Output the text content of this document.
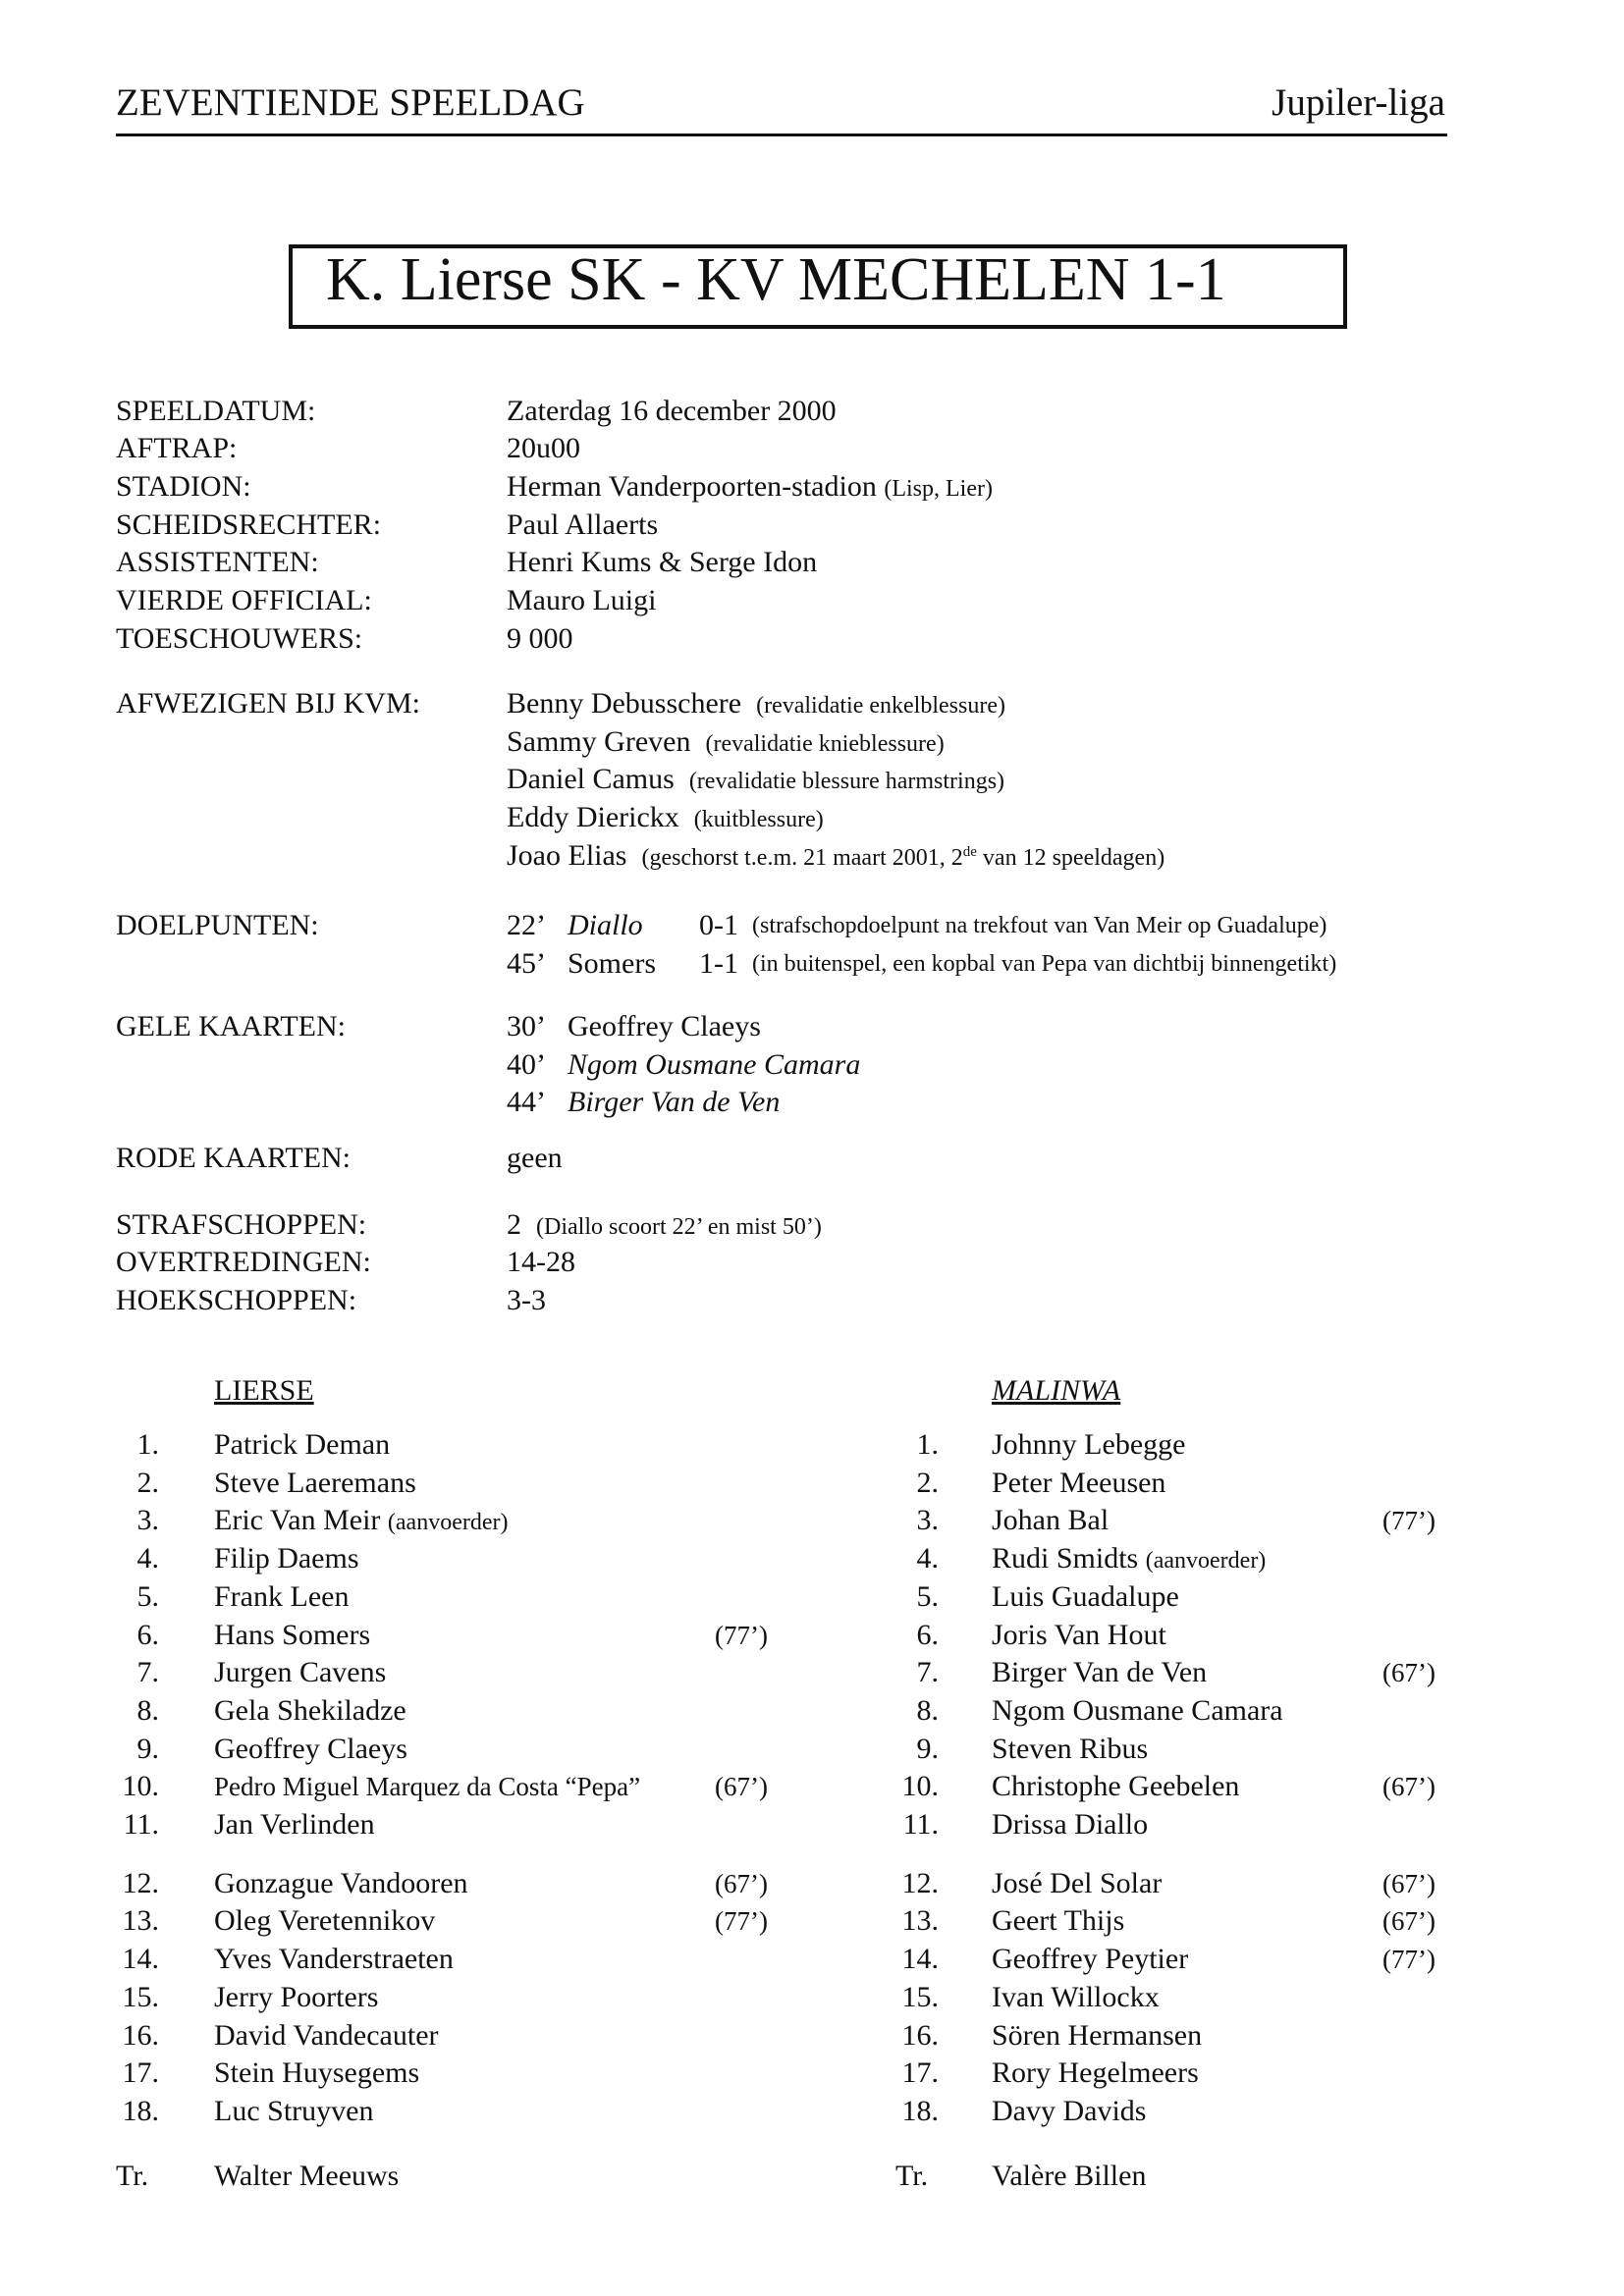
ZEVENTIENDE SPEELDAG	Jupiler-liga
K. Lierse SK - KV MECHELEN 1-1
SPEELDATUM:	Zaterdag 16 december 2000
AFTRAP:	20u00
STADION:	Herman Vanderpoorten-stadion (Lisp, Lier)
SCHEIDSRECHTER:	Paul Allaerts
ASSISTENTEN:	Henri Kums & Serge Idon
VIERDE OFFICIAL:	Mauro Luigi
TOESCHOUWERS:	9 000
AFWEZIGEN BIJ KVM:	Benny Debusschere (revalidatie enkelblessure)
Sammy Greven (revalidatie knieblessure)
Daniel Camus (revalidatie blessure harmstrings)
Eddy Dierickx (kuitblessure)
Joao Elias (geschorst t.e.m. 21 maart 2001, 2de van 12 speeldagen)
DOELPUNTEN:	22’ Diallo 0-1 (strafschopdoelpunt na trekfout van Van Meir op Guadalupe)
45’ Somers 1-1 (in buitenspel, een kopbal van Pepa van dichtbij binnengetikt)
GELE KAARTEN:	30’ Geoffrey Claeys
40’ Ngom Ousmane Camara
44’ Birger Van de Ven
RODE KAARTEN:	geen
STRAFSCHOPPEN:	2 (Diallo scoort 22’ en mist 50’)
OVERTREDINGEN:	14-28
HOEKSCHOPPEN:	3-3
LIERSE	MALINWA
1. Patrick Deman
2. Steve Laeremans
3. Eric Van Meir (aanvoerder)
4. Filip Daems
5. Frank Leen
6. Hans Somers	(77’)
7. Jurgen Cavens
8. Gela Shekiladze
9. Geoffrey Claeys
10. Pedro Miguel Marquez da Costa “Pepa”	(67’)
11. Jan Verlinden
12. Gonzague Vandooren	(67’)
13. Oleg Veretennikov	(77’)
14. Yves Vanderstraeten
15. Jerry Poorters
16. David Vandecauter
17. Stein Huysegems
18. Luc Struyven
1. Johnny Lebegge
2. Peter Meeusen
3. Johan Bal	(77’)
4. Rudi Smidts (aanvoerder)
5. Luis Guadalupe
6. Joris Van Hout
7. Birger Van de Ven	(67’)
8. Ngom Ousmane Camara
9. Steven Ribus
10. Christophe Geebelen	(67’)
11. Drissa Diallo
12. José Del Solar	(67’)
13. Geert Thijs	(67’)
14. Geoffrey Peytier	(77’)
15. Ivan Willockx
16. Sören Hermansen
17. Rory Hegelmeers
18. Davy Davids
Tr. Walter Meeuws	Tr. Valère Billen
